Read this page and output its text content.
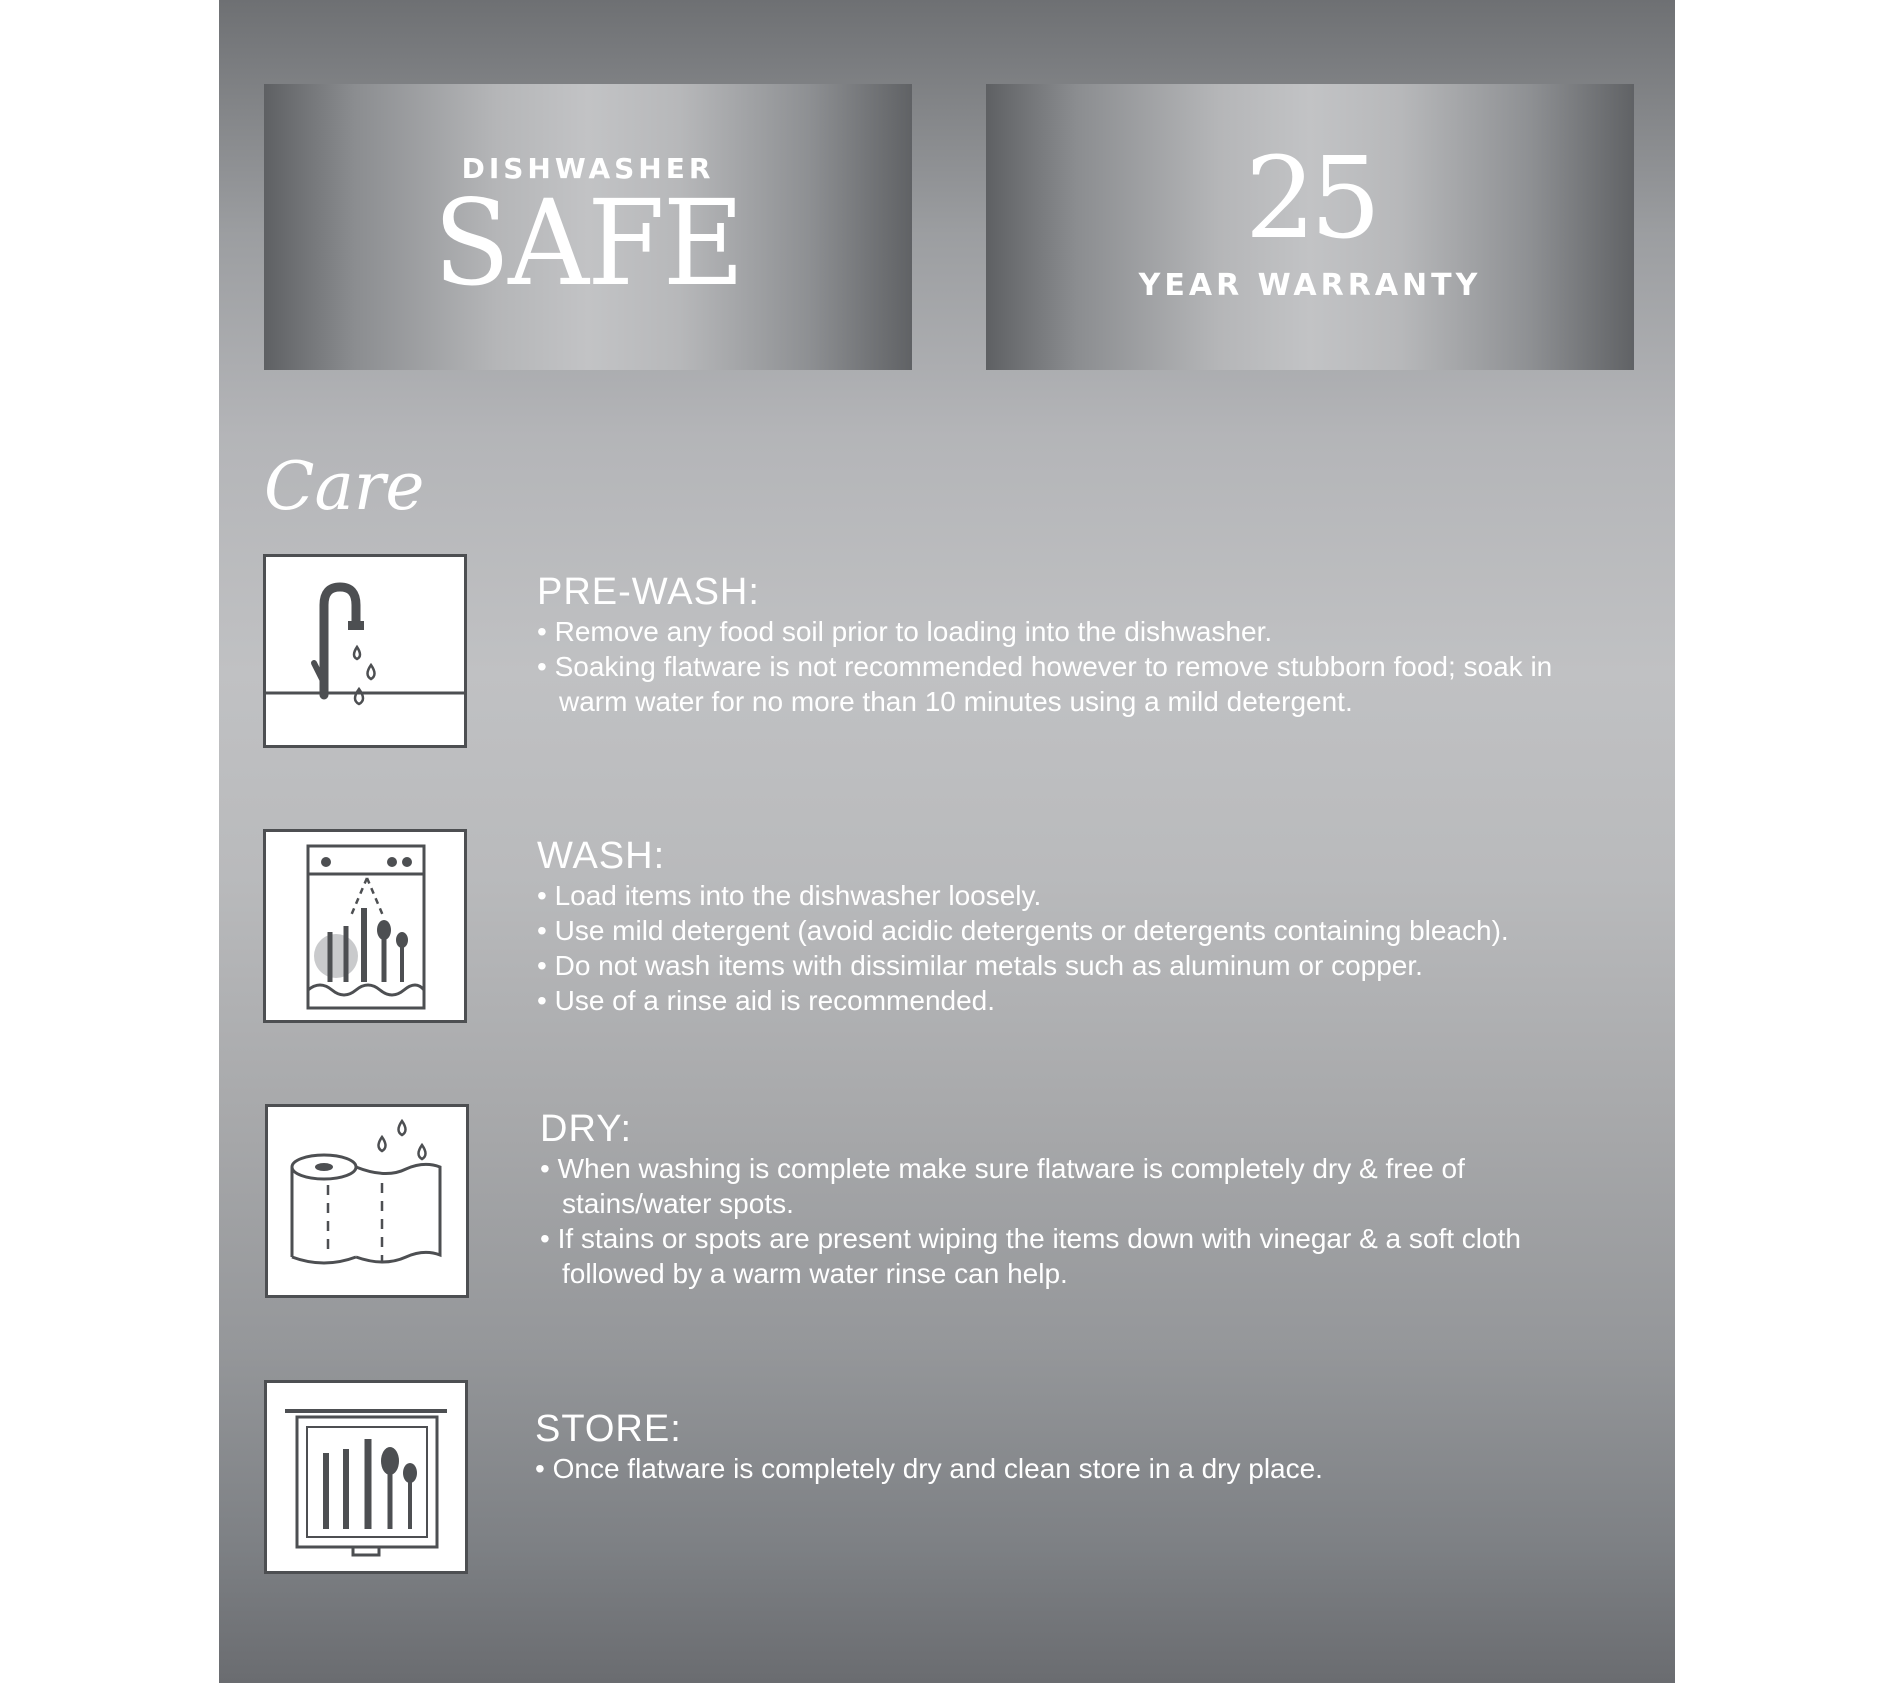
DISHWASHER
SAFE	25
YEAR WARRANTY
Care
PRE-WASH:
• Remove any food soil prior to loading into the dishwasher.
• Soaking flatware is not recommended however to remove stubborn food; soak in warm water for no more than 10 minutes using a mild detergent.
WASH:
• Load items into the dishwasher loosely.
• Use mild detergent (avoid acidic detergents or detergents containing bleach).
• Do not wash items with dissimilar metals such as aluminum or copper.
• Use of a rinse aid is recommended.
DRY:
• When washing is complete make sure flatware is completely dry & free of stains/water spots.
• If stains or spots are present wiping the items down with vinegar & a soft cloth followed by a warm water rinse can help.
STORE:
• Once flatware is completely dry and clean store in a dry place.
